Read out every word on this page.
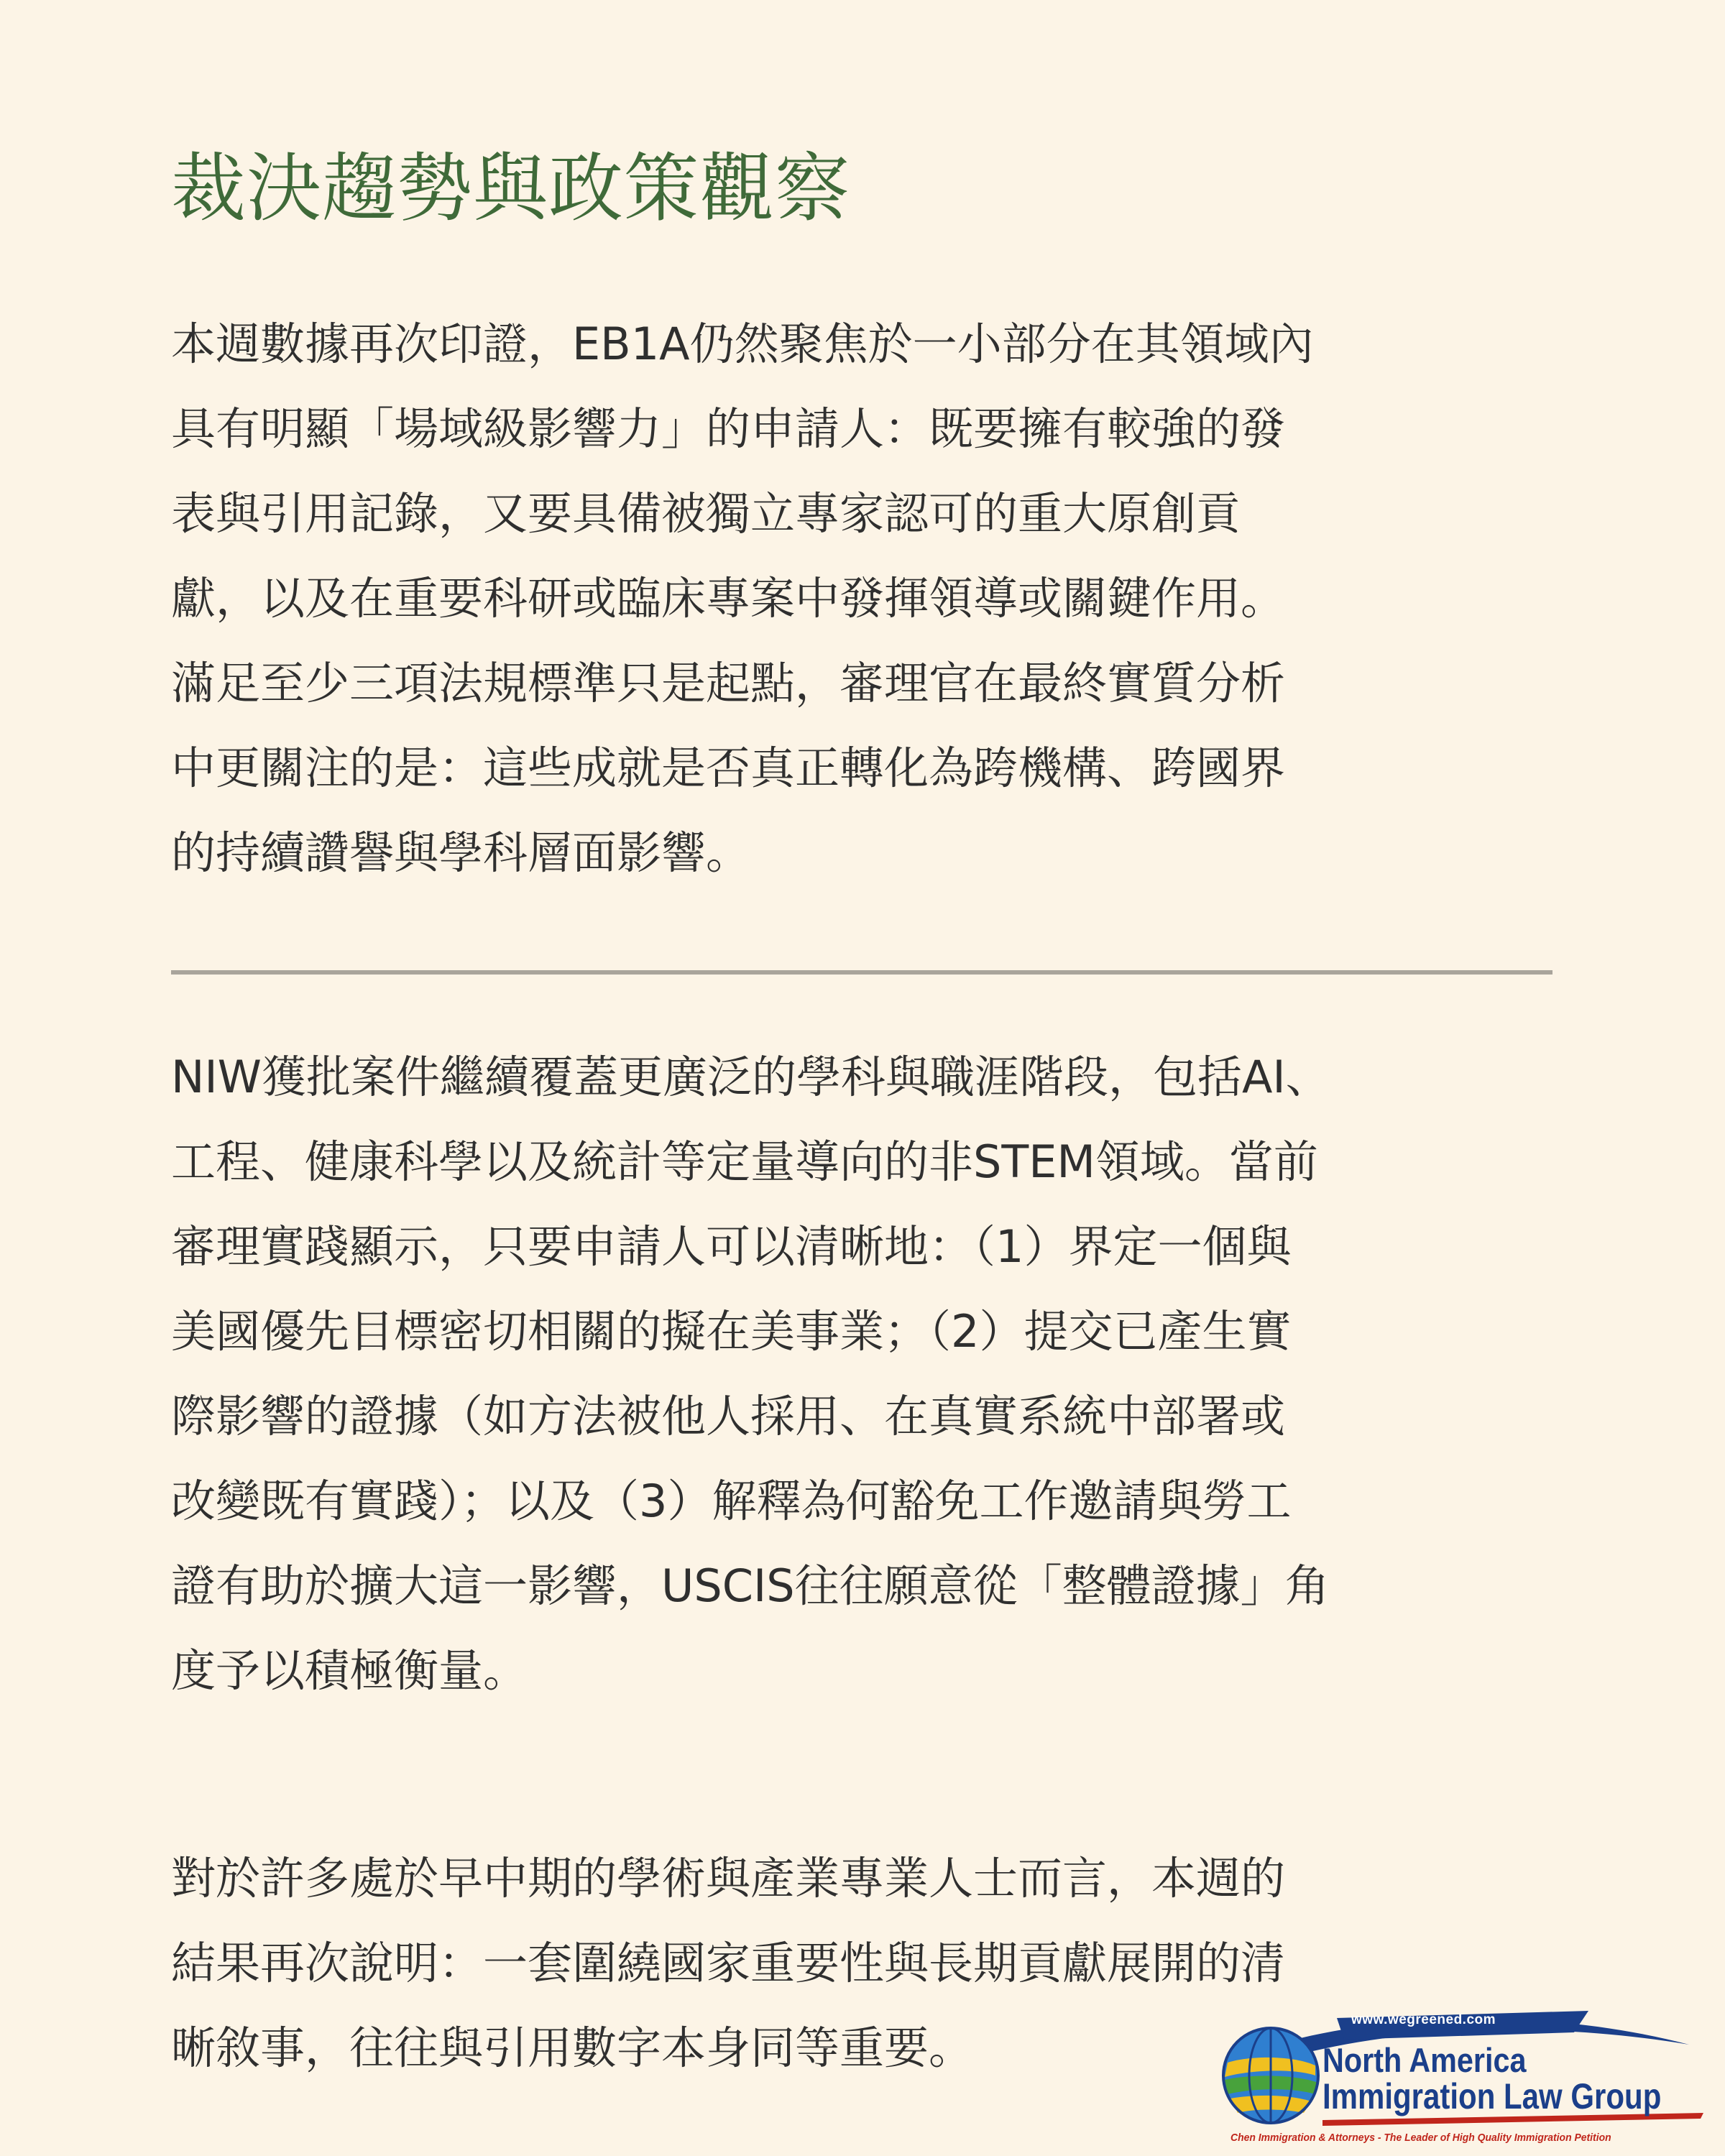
裁決趨勢與政策觀察

本週數據再次印證，EB1A仍然聚焦於一小部分在其領域內
具有明顯「場域級影響力」的申請人：既要擁有較強的發
表與引用記錄，又要具備被獨立專家認可的重大原創貢
獻，以及在重要科研或臨床專案中發揮領導或關鍵作用。
滿足至少三項法規標準只是起點，審理官在最終實質分析
中更關注的是：這些成就是否真正轉化為跨機構、跨國界
的持續讚譽與學科層面影響。

NIW獲批案件繼續覆蓋更廣泛的學科與職涯階段，包括AI、
工程、健康科學以及統計等定量導向的非STEM領域。當前
審理實踐顯示，只要申請人可以清晰地：（1）界定一個與
美國優先目標密切相關的擬在美事業；（2）提交已產生實
際影響的證據（如方法被他人採用、在真實系統中部署或
改變既有實踐）；以及（3）解釋為何豁免工作邀請與勞工
證有助於擴大這一影響，USCIS往往願意從「整體證據」角
度予以積極衡量。

對於許多處於早中期的學術與產業專業人士而言，本週的
結果再次說明：一套圍繞國家重要性與長期貢獻展開的清
晰敘事，往往與引用數字本身同等重要。

www.wegreened.com
North America
Immigration Law Group
Chen Immigration & Attorneys - The Leader of High Quality Immigration Petition
